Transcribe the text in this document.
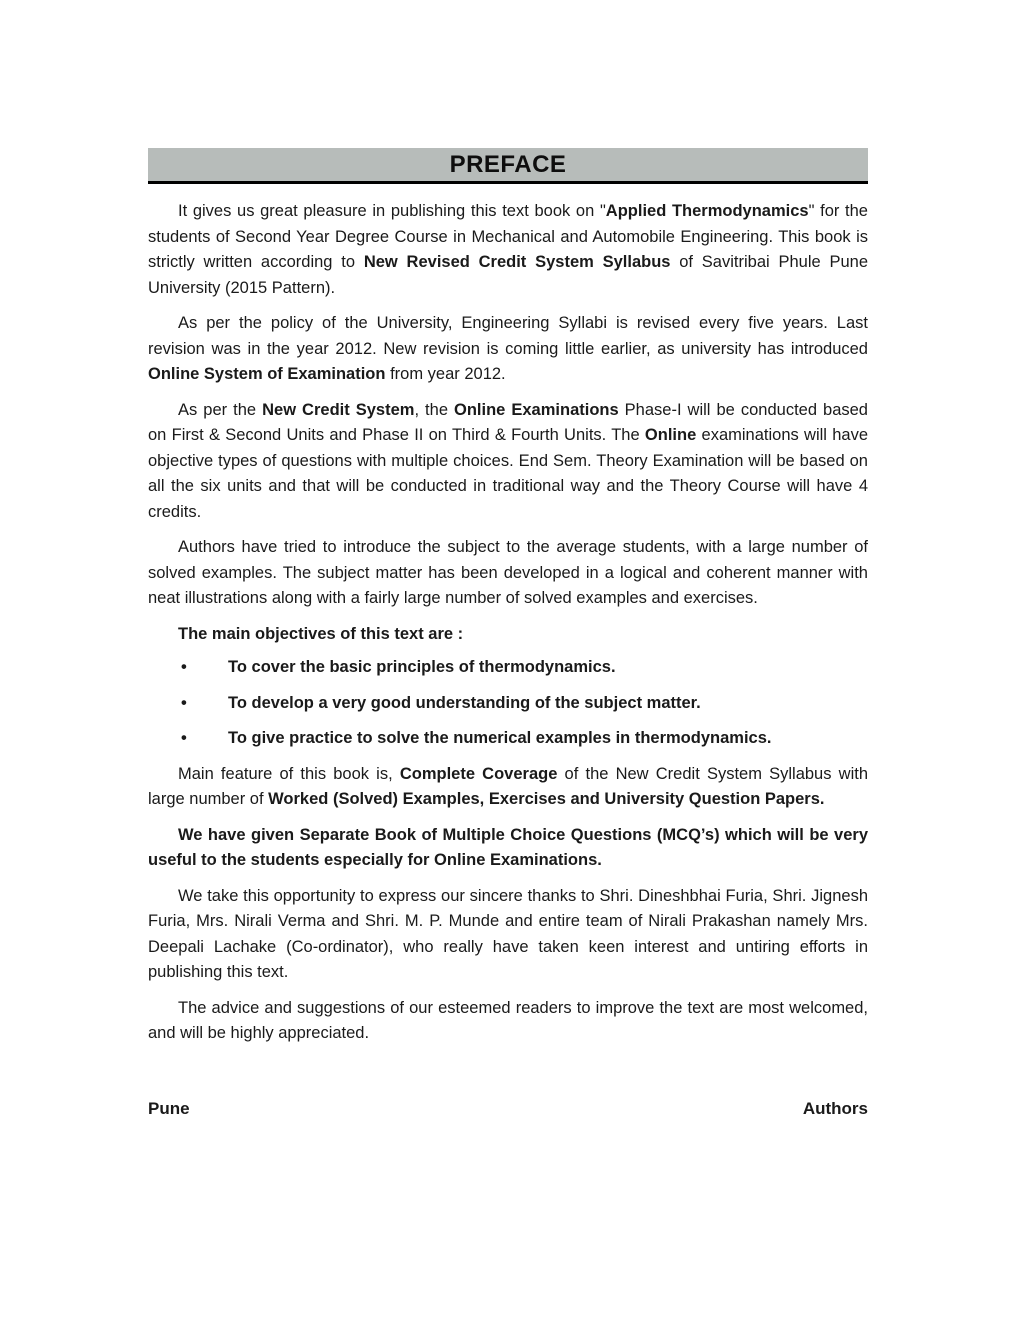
PREFACE

It gives us great pleasure in publishing this text book on "Applied Thermodynamics" for the students of Second Year Degree Course in Mechanical and Automobile Engineering. This book is strictly written according to New Revised Credit System Syllabus of Savitribai Phule Pune University (2015 Pattern).

As per the policy of the University, Engineering Syllabi is revised every five years. Last revision was in the year 2012. New revision is coming little earlier, as university has introduced Online System of Examination from year 2012.

As per the New Credit System, the Online Examinations Phase-I will be conducted based on First & Second Units and Phase II on Third & Fourth Units. The Online examinations will have objective types of questions with multiple choices. End Sem. Theory Examination will be based on all the six units and that will be conducted in traditional way and the Theory Course will have 4 credits.

Authors have tried to introduce the subject to the average students, with a large number of solved examples. The subject matter has been developed in a logical and coherent manner with neat illustrations along with a fairly large number of solved examples and exercises.

The main objectives of this text are :

•	To cover the basic principles of thermodynamics.
•	To develop a very good understanding of the subject matter.
•	To give practice to solve the numerical examples in thermodynamics.

Main feature of this book is, Complete Coverage of the New Credit System Syllabus with large number of Worked (Solved) Examples, Exercises and University Question Papers.

We have given Separate Book of Multiple Choice Questions (MCQ’s) which will be very useful to the students especially for Online Examinations.

We take this opportunity to express our sincere thanks to Shri. Dineshbhai Furia, Shri. Jignesh Furia, Mrs. Nirali Verma and Shri. M. P. Munde and entire team of Nirali Prakashan namely Mrs. Deepali Lachake (Co-ordinator), who really have taken keen interest and untiring efforts in publishing this text.

The advice and suggestions of our esteemed readers to improve the text are most welcomed, and will be highly appreciated.

Pune	Authors
